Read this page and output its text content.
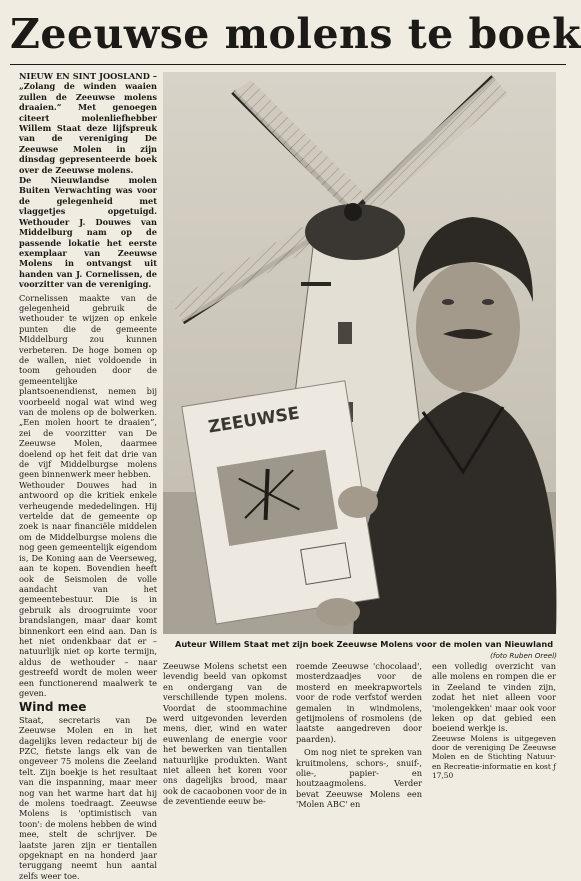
Zeeuwse molens te boek

NIEUW EN SINT JOOSLAND – „Zolang de winden waaien zullen de Zeeuwse molens draaien.” Met genoegen citeert molenliefhebber Willem Staat deze lijfspreuk van de vereniging De Zeeuwse Molen in zijn dinsdag gepresenteerde boek over de Zeeuwse molens.

De Nieuwlandse molen Buiten Verwachting was voor de gelegenheid met vlaggetjes opgetuigd. Wethouder J. Douwes van Middelburg nam op de passende lokatie het eerste exemplaar van Zeeuwse Molens in ontvangst uit handen van J. Cornelissen, de voorzitter van de vereniging.

Cornelissen maakte van de gelegenheid gebruik de wethouder te wijzen op enkele punten die de gemeente Middelburg zou kunnen verbeteren. De hoge bomen op de wallen, niet voldoende in toom gehouden door de gemeentelijke plantsoenendienst, nemen bij voorbeeld nogal wat wind weg van de molens op de bolwerken. „Een molen hoort te draaien”, zei de voorzitter van De Zeeuwse Molen, daarmee doelend op het feit dat drie van de vijf Middelburgse molens geen binnenwerk meer hebben.

Wethouder Douwes had in antwoord op die kritiek enkele verheugende mededelingen. Hij vertelde dat de gemeente op zoek is naar financiële middelen om de Middelburgse molens die nog geen gemeentelijk eigendom is, De Koning aan de Veerseweg, aan te kopen. Bovendien heeft ook de Seismolen de volle aandacht van het gemeentebestuur. Die is in gebruik als droogruimte voor brandslangen, maar daar komt binnenkort een eind aan. Dan is het niet ondenkbaar dat er – natuurlijk niet op korte termijn, aldus de wethouder – naar gestreefd wordt de molen weer een functionerend maalwerk te geven.

Wind mee

Staat, secretaris van De Zeeuwse Molen en in het dagelijks leven redacteur bij de PZC, fietste langs elk van de ongeveer 75 molens die Zeeland telt. Zijn boekje is het resultaat van die inspanning, maar meer nog van het warme hart dat hij de molens toedraagt. Zeeuwse Molens is 'optimistisch van toon': de molens hebben de wind mee, stelt de schrijver. De laatste jaren zijn er tientallen opgeknapt en na honderd jaar teruggang neemt hun aantal zelfs weer toe.

ZEEUWSE
Auteur Willem Staat met zijn boek Zeeuwse Molens voor de molen van Nieuwland
(foto Ruben Oreel)

Zeeuwse Molens schetst een levendig beeld van opkomst en ondergang van de verschillende typen molens. Voordat de stoommachine werd uitgevonden leverden mens, dier, wind en water euwenlang de energie voor het bewerken van tientallen natuurlijke produkten. Want niet alleen het koren voor ons dagelijks brood, maar ook de cacaobonen voor de in de zeventiende eeuw be-

roemde Zeeuwse 'chocolaad', mosterdzaadjes voor de mosterd en meekrapwortels voor de rode verfstof werden gemalen in windmolens, getijmolens of rosmolens (de laatste aangedreven door paarden).

Om nog niet te spreken van kruitmolens, schors-, snuif-, olie-, papier- en houtzaagmolens. Verder bevat Zeeuwse Molens een 'Molen ABC' en

een volledig overzicht van alle molens en rompen die er in Zeeland te vinden zijn, zodat het niet alleen voor 'molengekken' maar ook voor leken op dat gebied een boeiend werkje is.

Zeeuwse Molens is uitgegeven door de vereniging De Zeeuwse Molen en de Stichting Natuur- en Recreatie-informatie en kost ƒ 17,50
